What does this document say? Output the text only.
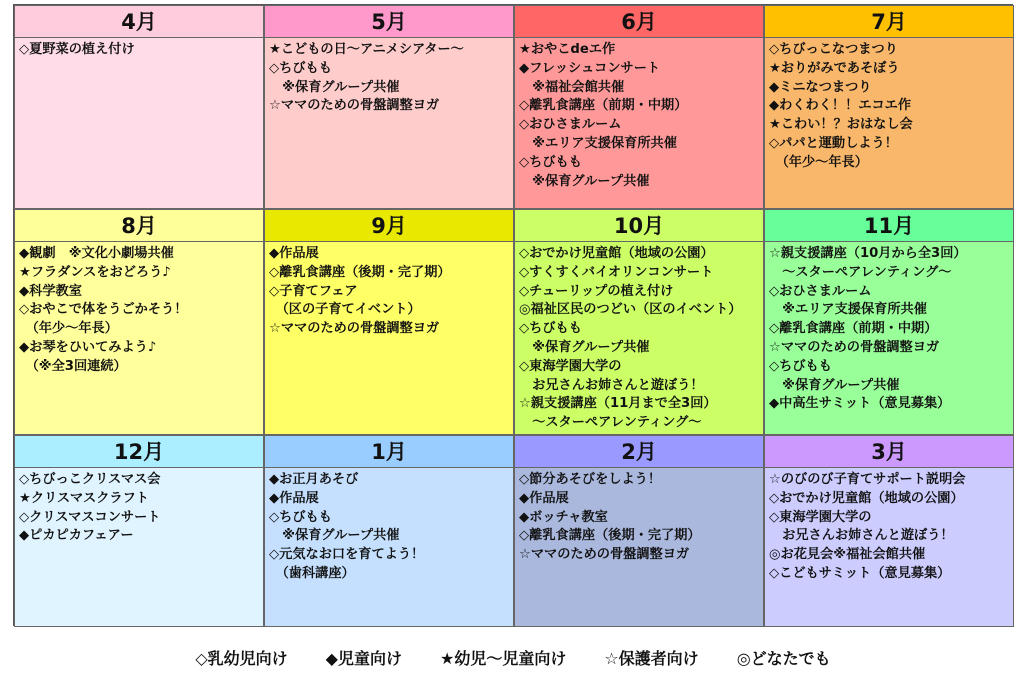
4月
◇夏野菜の植え付け
5月
★こどもの日〜アニメシアター〜
◇ちびもも
　※保育グループ共催
☆ママのための骨盤調整ヨガ
6月
★おやこdeエ作
◆フレッシュコンサート
　※福祉会館共催
◇離乳食講座（前期・中期）
◇おひさまルーム
　※エリア支援保育所共催
◇ちびもも
　※保育グループ共催
7月
◇ちびっこなつまつり
★おりがみであそぼう
◆ミニなつまつり
◆わくわく！！エコエ作
★こわい！？おはなし会
◇パパと運動しよう！
　（年少〜年長）
8月
◆観劇　※文化小劇場共催
★フラダンスをおどろう♪
◆科学教室
◇おやこで体をうごかそう！
　（年少〜年長）
◆お琴をひいてみよう♪
　（※全3回連続）
9月
◆作品展
◇離乳食講座（後期・完了期）
◇子育てフェア
　（区の子育てイベント）
☆ママのための骨盤調整ヨガ
10月
◇おでかけ児童館（地域の公園）
◇すくすくバイオリンコンサート
◇チューリップの植え付け
◎福祉区民のつどい（区のイベント）
◇ちびもも
　※保育グループ共催
◇東海学園大学の
　お兄さんお姉さんと遊ぼう！
☆親支援講座（11月まで全3回）
　〜スターペアレンティング〜
11月
☆親支援講座（10月から全3回）
　〜スターペアレンティング〜
◇おひさまルーム
　※エリア支援保育所共催
◇離乳食講座（前期・中期）
☆ママのための骨盤調整ヨガ
◇ちびもも
　※保育グループ共催
◆中高生サミット（意見募集）
12月
◇ちびっこクリスマス会
★クリスマスクラフト
◇クリスマスコンサート
◆ピカピカフェアー
1月
◆お正月あそび
◆作品展
◇ちびもも
　※保育グループ共催
◇元気なお口を育てよう！
　（歯科講座）
2月
◇節分あそびをしよう！
◆作品展
◆ボッチャ教室
◇離乳食講座（後期・完了期）
☆ママのための骨盤調整ヨガ
3月
☆のびのび子育てサポート説明会
◇おでかけ児童館（地域の公園）
◇東海学園大学の
　お兄さんお姉さんと遊ぼう！
◎お花見会※福祉会館共催
◇こどもサミット（意見募集）
◇乳幼児向け ◆児童向け ★幼児〜児童向け ☆保護者向け ◎どなたでも
